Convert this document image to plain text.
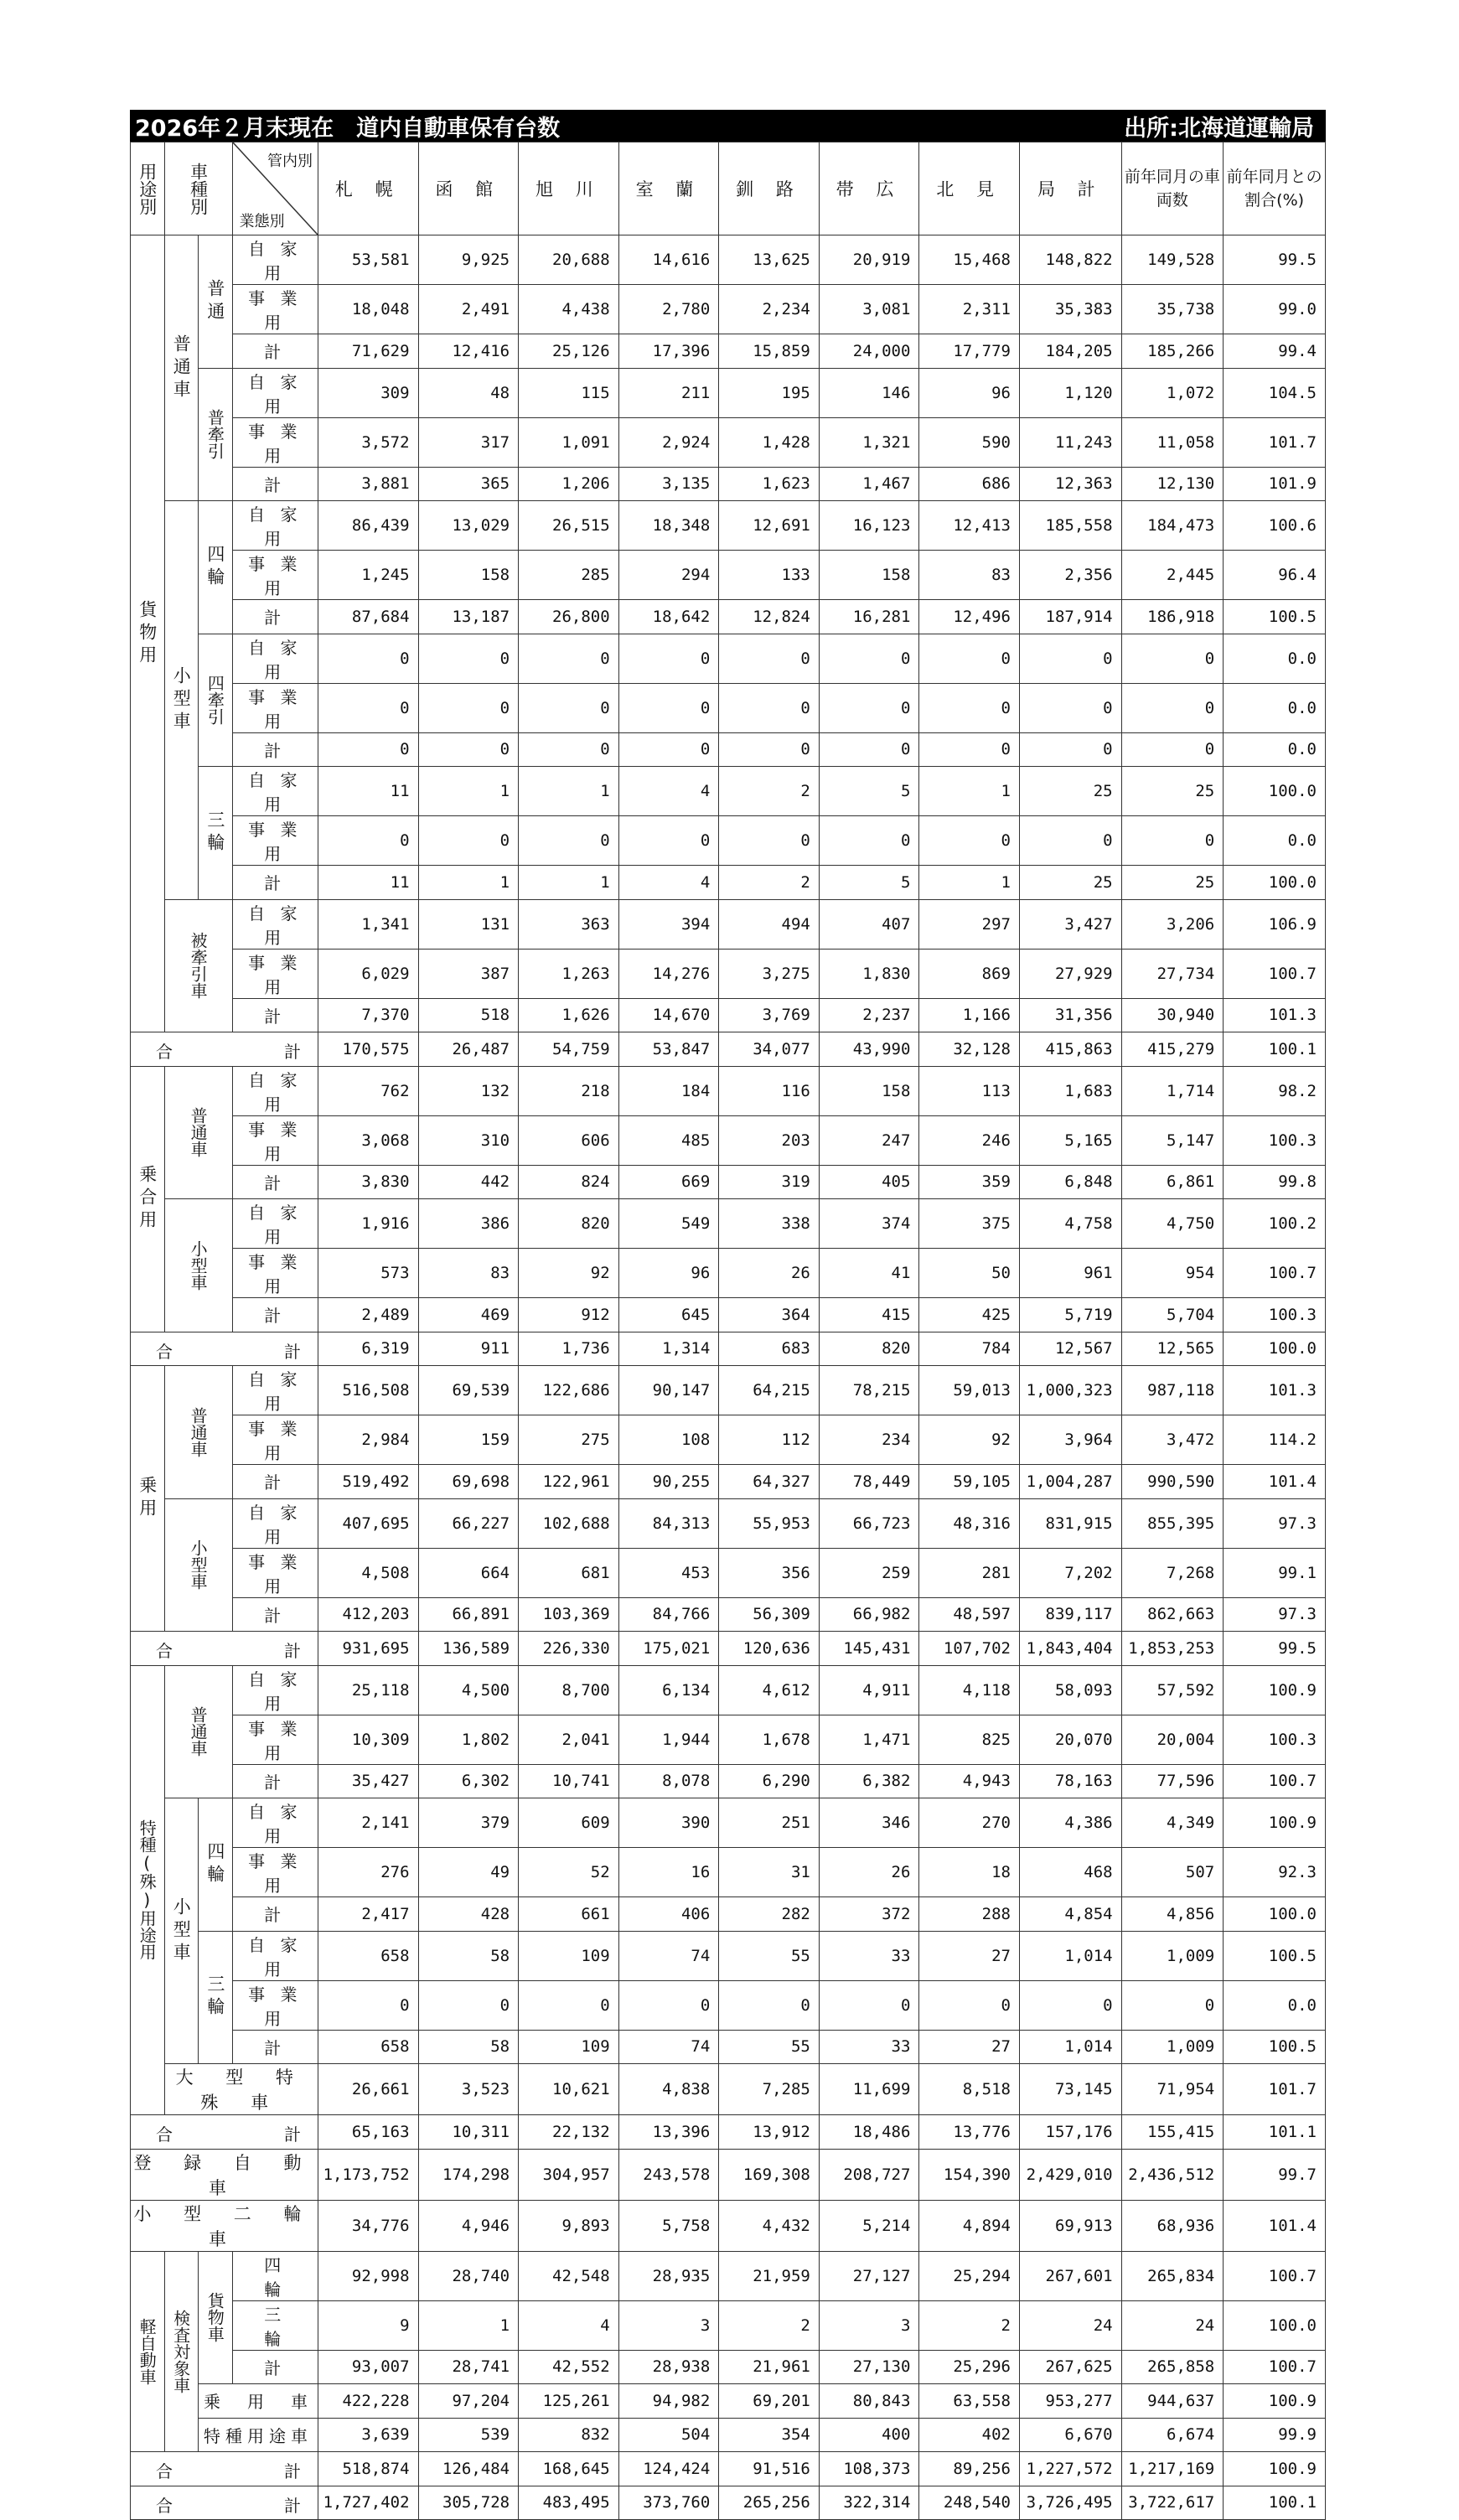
2026年２月末現在　道内自動車保有台数	出所:北海道運輸局
用途別	車種別		管内別
業態別	札 幌	函 館	旭 川	室 蘭	釧 路	帯 広	北 見	局 計	前年同月の車両数	前年同月との割合(%)
貨物用	普通車	普通	自 家 用	53,581	9,925	20,688	14,616	13,625	20,919	15,468	148,822	149,528	99.5
			事 業 用	18,048	2,491	4,438	2,780	2,234	3,081	2,311	35,383	35,738	99.0
			計	71,629	12,416	25,126	17,396	15,859	24,000	17,779	184,205	185,266	99.4
		普牽引	自 家 用	309	48	115	211	195	146	96	1,120	1,072	104.5
			事 業 用	3,572	317	1,091	2,924	1,428	1,321	590	11,243	11,058	101.7
			計	3,881	365	1,206	3,135	1,623	1,467	686	12,363	12,130	101.9
	小型車	四輪	自 家 用	86,439	13,029	26,515	18,348	12,691	16,123	12,413	185,558	184,473	100.6
			事 業 用	1,245	158	285	294	133	158	83	2,356	2,445	96.4
			計	87,684	13,187	26,800	18,642	12,824	16,281	12,496	187,914	186,918	100.5
		四牽引	自 家 用	0	0	0	0	0	0	0	0	0	0.0
			事 業 用	0	0	0	0	0	0	0	0	0	0.0
			計	0	0	0	0	0	0	0	0	0	0.0
		三輪	自 家 用	11	1	1	4	2	5	1	25	25	100.0
			事 業 用	0	0	0	0	0	0	0	0	0	0.0
			計	11	1	1	4	2	5	1	25	25	100.0
	被牽引車		自 家 用	1,341	131	363	394	494	407	297	3,427	3,206	106.9
			事 業 用	6,029	387	1,263	14,276	3,275	1,830	869	27,929	27,734	100.7
			計	7,370	518	1,626	14,670	3,769	2,237	1,166	31,356	30,940	101.3

合 計				170,575	26,487	54,759	53,847	34,077	43,990	32,128	415,863	415,279	100.1
乗合用	普通車		自 家 用	762	132	218	184	116	158	113	1,683	1,714	98.2
			事 業 用	3,068	310	606	485	203	247	246	5,165	5,147	100.3
			計	3,830	442	824	669	319	405	359	6,848	6,861	99.8
	小型車		自 家 用	1,916	386	820	549	338	374	375	4,758	4,750	100.2
			事 業 用	573	83	92	96	26	41	50	961	954	100.7
			計	2,489	469	912	645	364	415	425	5,719	5,704	100.3

合 計				6,319	911	1,736	1,314	683	820	784	12,567	12,565	100.0
乗用	普通車		自 家 用	516,508	69,539	122,686	90,147	64,215	78,215	59,013	1,000,323	987,118	101.3
			事 業 用	2,984	159	275	108	112	234	92	3,964	3,472	114.2
			計	519,492	69,698	122,961	90,255	64,327	78,449	59,105	1,004,287	990,590	101.4
	小型車		自 家 用	407,695	66,227	102,688	84,313	55,953	66,723	48,316	831,915	855,395	97.3
			事 業 用	4,508	664	681	453	356	259	281	7,202	7,268	99.1
			計	412,203	66,891	103,369	84,766	56,309	66,982	48,597	839,117	862,663	97.3

合 計				931,695	136,589	226,330	175,021	120,636	145,431	107,702	1,843,404	1,853,253	99.5
特種(殊)用途用	普通車		自 家 用	25,118	4,500	8,700	6,134	4,612	4,911	4,118	58,093	57,592	100.9
			事 業 用	10,309	1,802	2,041	1,944	1,678	1,471	825	20,070	20,004	100.3
			計	35,427	6,302	10,741	8,078	6,290	6,382	4,943	78,163	77,596	100.7
	小型車	四輪	自 家 用	2,141	379	609	390	251	346	270	4,386	4,349	100.9
			事 業 用	276	49	52	16	31	26	18	468	507	92.3
			計	2,417	428	661	406	282	372	288	4,854	4,856	100.0
		三輪	自 家 用	658	58	109	74	55	33	27	1,014	1,009	100.5
			事 業 用	0	0	0	0	0	0	0	0	0	0.0
			計	658	58	109	74	55	33	27	1,014	1,009	100.5
	大 型 特 殊 車			26,661	3,523	10,621	4,838	7,285	11,699	8,518	73,145	71,954	101.7

合 計				65,163	10,311	22,132	13,396	13,912	18,486	13,776	157,176	155,415	101.1
登 録 自 動 車				1,173,752	174,298	304,957	243,578	169,308	208,727	154,390	2,429,010	2,436,512	99.7
小 型 二 輪 車				34,776	4,946	9,893	5,758	4,432	5,214	4,894	69,913	68,936	101.4
軽自動車	検査対象車	貨物車	四　　輪	92,998	28,740	42,548	28,935	21,959	27,127	25,294	267,601	265,834	100.7
			三　　輪	9	1	4	3	2	3	2	24	24	100.0
			計	93,007	28,741	42,552	28,938	21,961	27,130	25,296	267,625	265,858	100.7
		乗　用　車		422,228	97,204	125,261	94,982	69,201	80,843	63,558	953,277	944,637	100.9
		特種用途車		3,639	539	832	504	354	400	402	6,670	6,674	99.9

合 計				518,874	126,484	168,645	124,424	91,516	108,373	89,256	1,227,572	1,217,169	100.9

合 計				1,727,402	305,728	483,495	373,760	265,256	322,314	248,540	3,726,495	3,722,617	100.1
